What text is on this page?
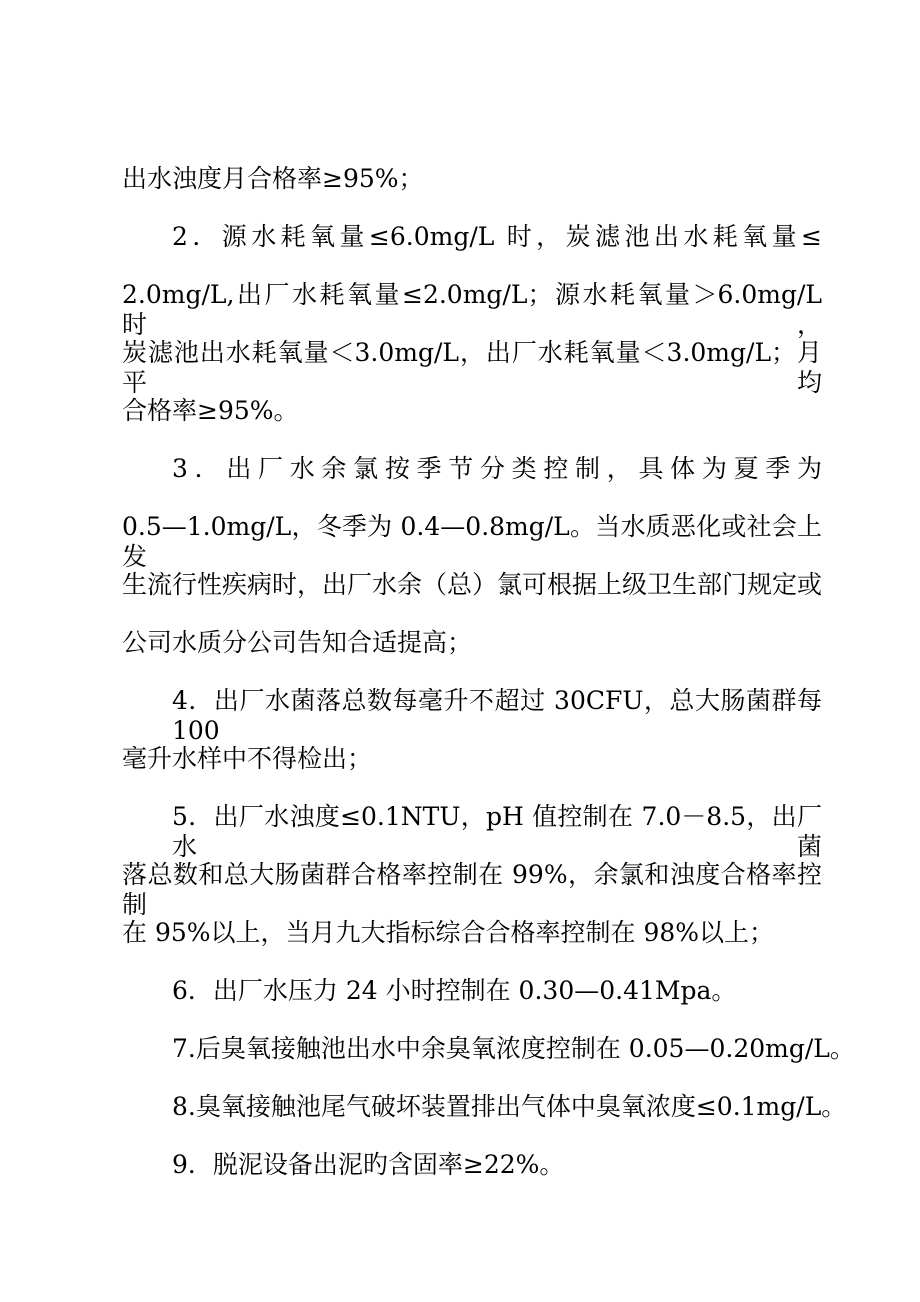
出水浊度月合格率≥95%；
2．源水耗氧量≤6.0mg/L 时，炭滤池出水耗氧量≤
2.0mg/L,出厂水耗氧量≤2.0mg/L；源水耗氧量＞6.0mg/L 时，
炭滤池出水耗氧量＜3.0mg/L，出厂水耗氧量＜3.0mg/L；月平均
合格率≥95%。
3．出厂水余氯按季节分类控制，具体为夏季为
0.5—1.0mg/L，冬季为 0.4—0.8mg/L。当水质恶化或社会上发
生流行性疾病时，出厂水余（总）氯可根据上级卫生部门规定或
公司水质分公司告知合适提高；
4．出厂水菌落总数每毫升不超过 30CFU，总大肠菌群每 100
毫升水样中不得检出；
5．出厂水浊度≤0.1NTU，pH 值控制在 7.0－8.5，出厂水菌
落总数和总大肠菌群合格率控制在 99%，余氯和浊度合格率控制
在 95%以上，当月九大指标综合合格率控制在 98%以上；
6．出厂水压力 24 小时控制在 0.30—0.41Mpa。
7.后臭氧接触池出水中余臭氧浓度控制在 0.05—0.20mg/L。
8.臭氧接触池尾气破坏装置排出气体中臭氧浓度≤0.1mg/L。
9．脱泥设备出泥旳含固率≥22%。
